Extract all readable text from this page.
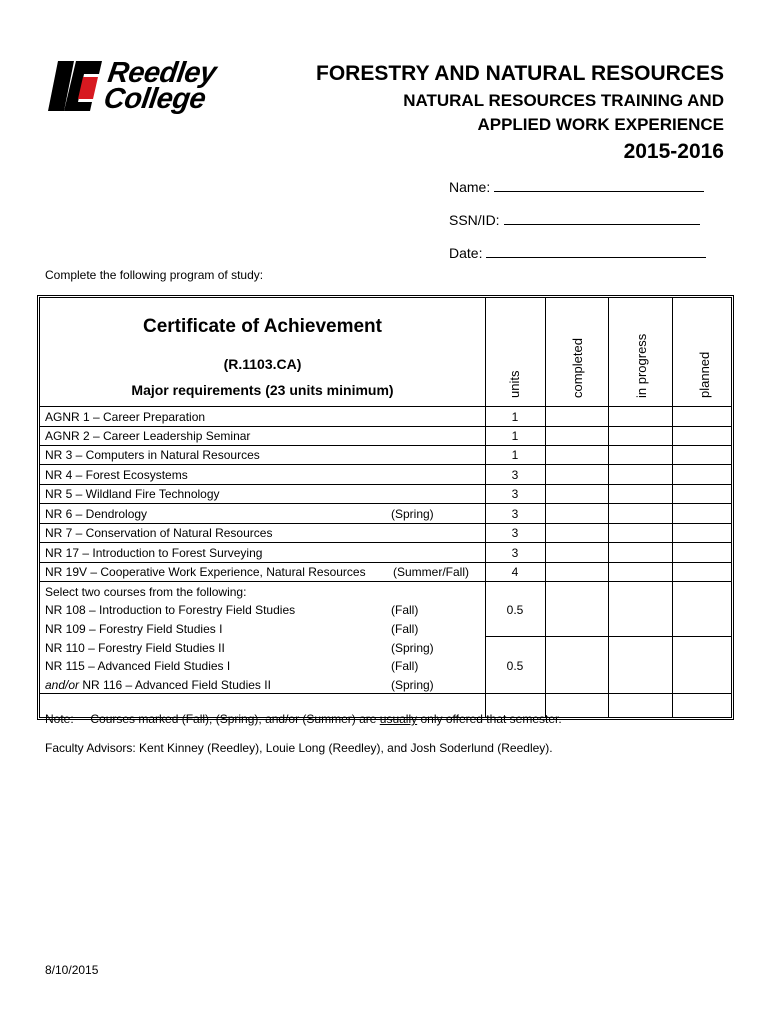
Reedley
College
FORESTRY AND NATURAL RESOURCES
NATURAL RESOURCES TRAINING AND
APPLIED WORK EXPERIENCE
2015-2016
Name:
SSN/ID:
Date:
Complete the following program of study:
Certificate of Achievement
(R.1103.CA)
Major requirements (23 units minimum)	units	completed	in progress	planned
AGNR 1 – Career Preparation	1
AGNR 2 – Career Leadership Seminar	1
NR 3 – Computers in Natural Resources	1
NR 4 – Forest Ecosystems	3
NR 5 – Wildland Fire Technology	3
NR 6 – Dendrology	(Spring)	3
NR 7 – Conservation of Natural Resources	3
NR 17 – Introduction to Forest Surveying	3
NR 19V – Cooperative Work Experience, Natural Resources (Summer/Fall)	4
Select two courses from the following:
NR 108 – Introduction to Forestry Field Studies	(Fall)	0.5
NR 109 – Forestry Field Studies I	(Fall)
NR 110 – Forestry Field Studies II	(Spring)
NR 115 – Advanced Field Studies I	(Fall)	0.5
and/or NR 116 – Advanced Field Studies II	(Spring)
Note: Courses marked (Fall), (Spring), and/or (Summer) are usually only offered that semester.
Faculty Advisors: Kent Kinney (Reedley), Louie Long (Reedley), and Josh Soderlund (Reedley).
8/10/2015
